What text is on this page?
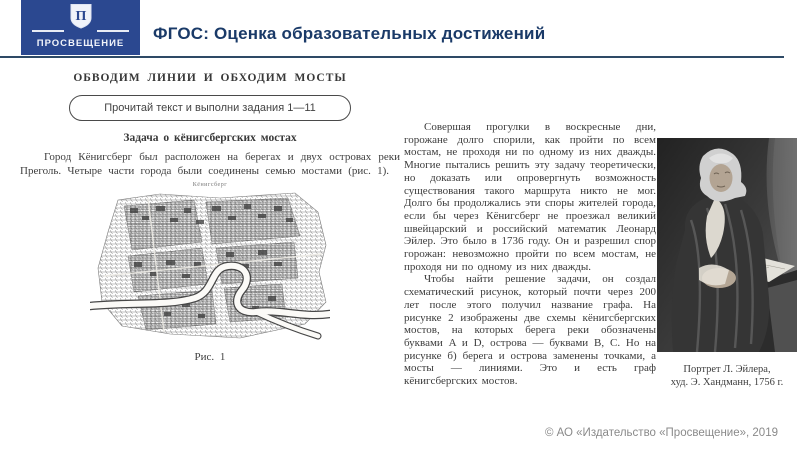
П
ПРОСВЕЩЕНИЕ
ФГОС: Оценка образовательных достижений
ОБВОДИМ ЛИНИИ И ОБХОДИМ МОСТЫ
Прочитай текст и выполни задания 1—11
Задача о кёнигсбергских мостах

Город Кёнигсберг был расположен на берегах и двух островах реки Преголь. Четыре части города были соединены семью мостами (рис. 1).

Кёнигсберг
Рис. 1

Совершая прогулки в воскресные дни, горожане долго спорили, как пройти по всем мостам, не проходя ни по одному из них дважды. Многие пытались решить эту задачу теоретически, но доказать или опровергнуть возможность существования такого маршрута никто не мог. Долго бы продолжались эти споры жителей города, если бы через Кёнигсберг не проезжал великий швейцарский и российский математик Леонард Эйлер. Это было в 1736 году. Он и разрешил спор горожан: невозможно пройти по всем мостам, не проходя ни по одному из них дважды.

Чтобы найти решение задачи, он создал схематический рисунок, который почти через 200 лет после этого получил название графа. На рисунке 2 изображены две схемы кёнигсбергских мостов, на которых берега реки обозначены буквами A и D, острова — буквами B, C. Но на рисунке б) берега и острова заменены точками, а мосты — линиями. Это и есть граф кёнигсбергских мостов.

Портрет Л. Эйлера,
худ. Э. Хандманн, 1756 г.
© АО «Издательство «Просвещение», 2019
